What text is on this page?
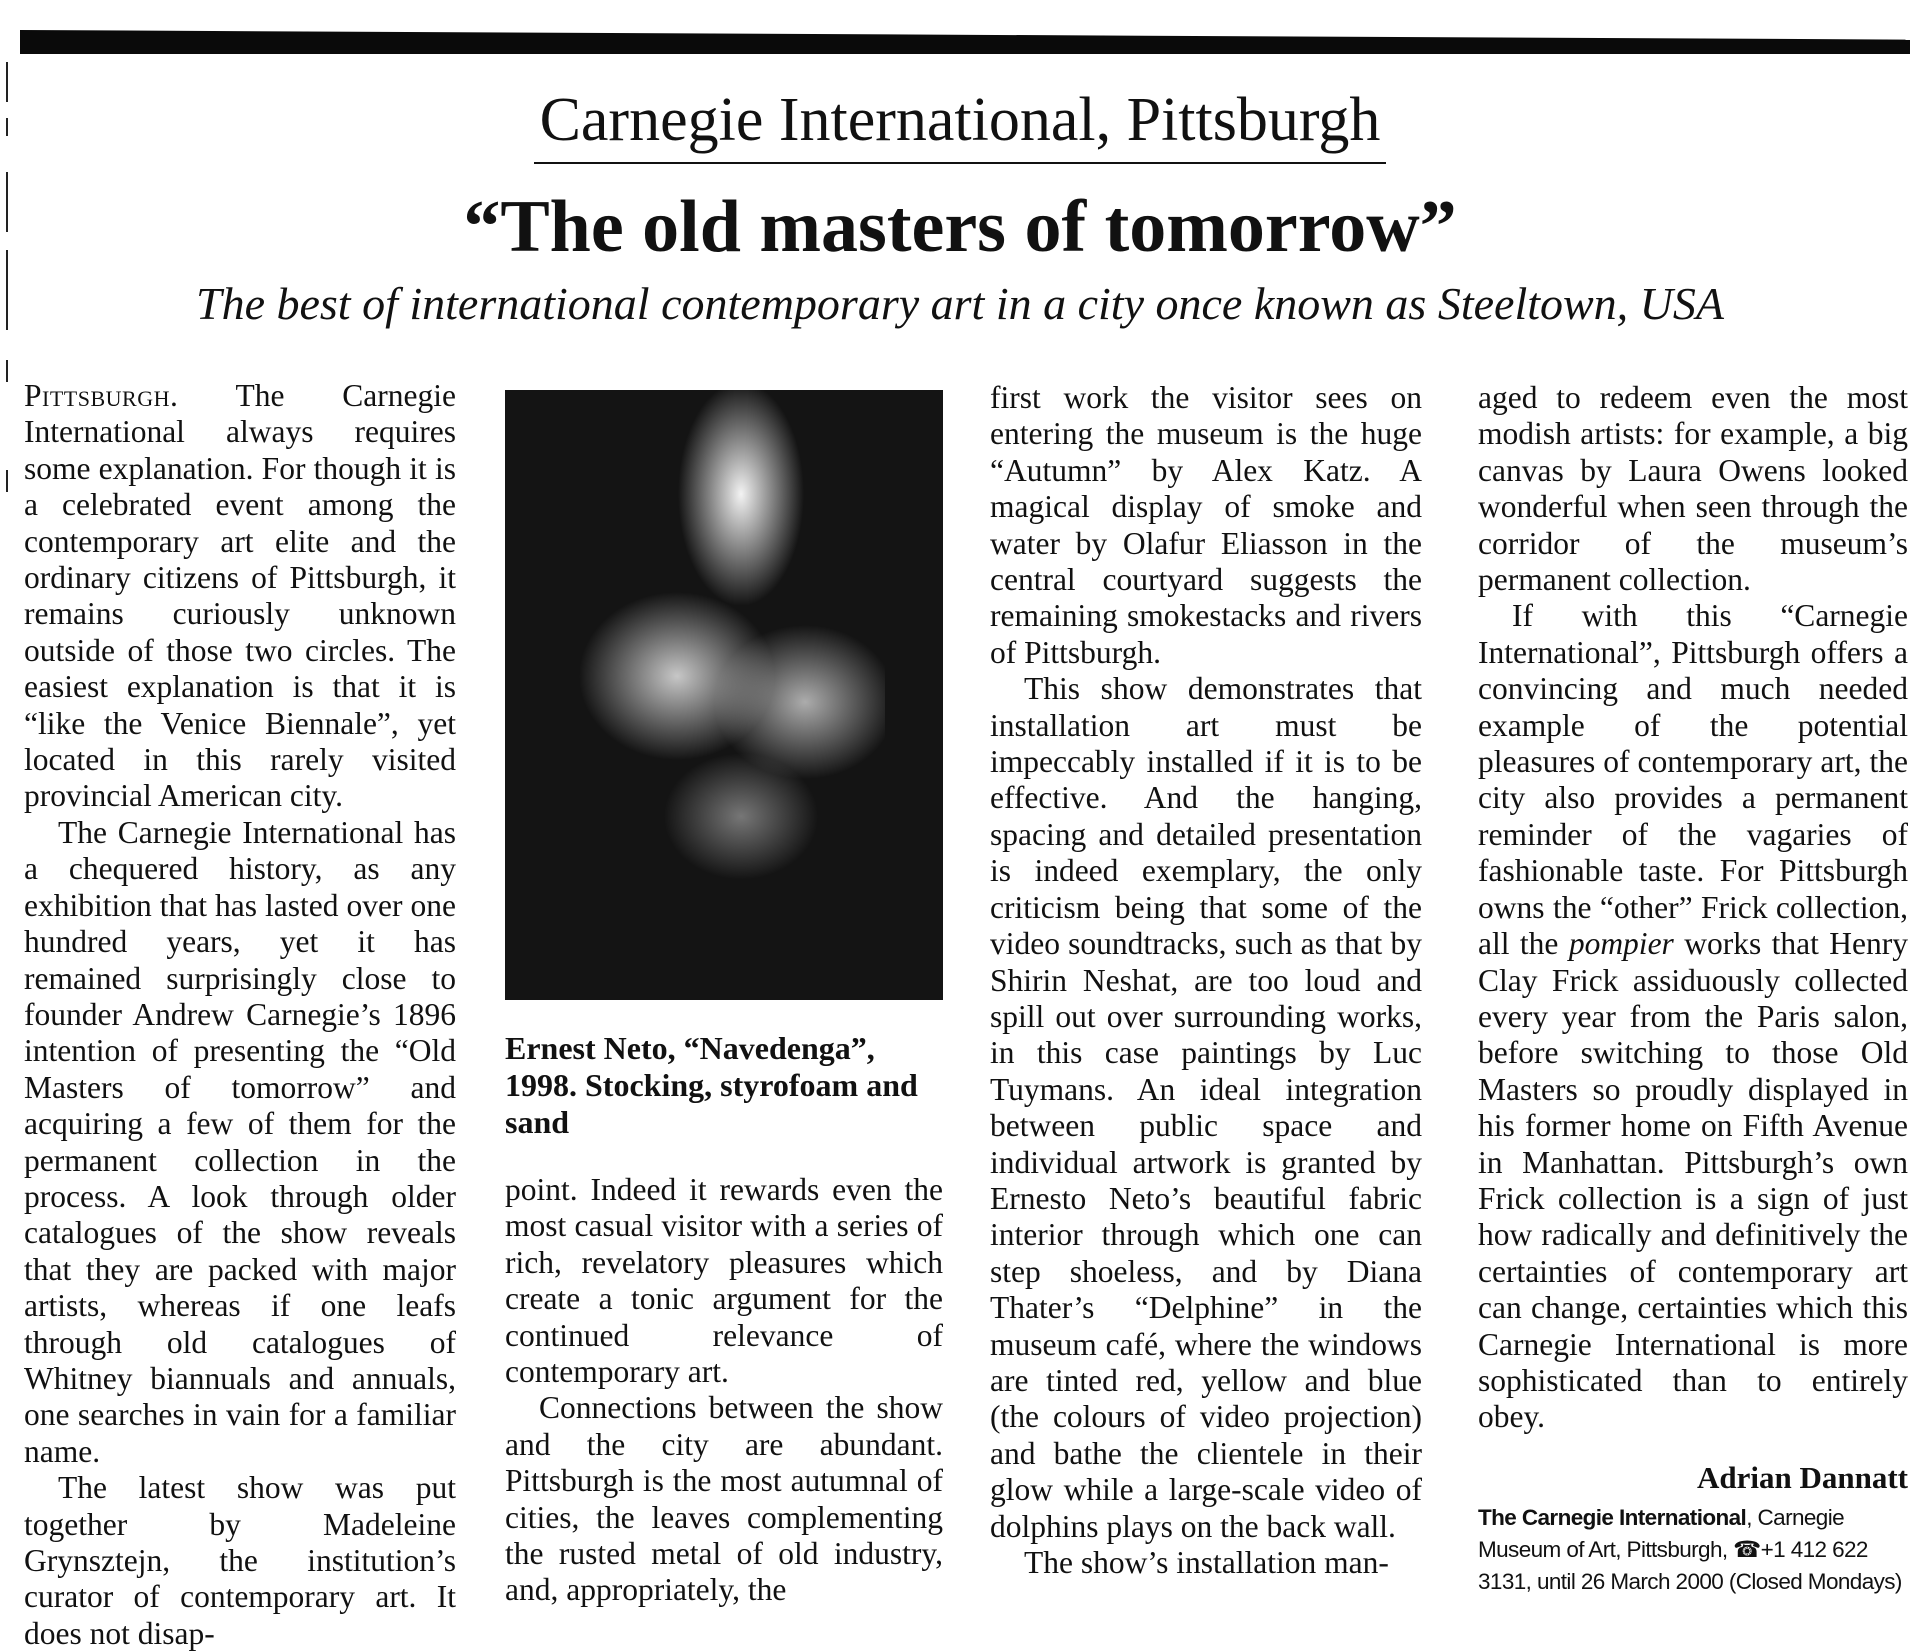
Carnegie International, Pittsburgh
“The old masters of tomorrow”
The best of international contemporary art in a city once known as Steeltown, USA

Pittsburgh. The Carnegie International always requires some explanation. For though it is a celebrated event among the contemporary art elite and the ordinary citizens of Pittsburgh, it remains curiously unknown outside of those two circles. The easiest explanation is that it is “like the Venice Biennale”, yet located in this rarely visited provincial American city.

The Carnegie International has a chequered history, as any exhibition that has lasted over one hundred years, yet it has remained surprisingly close to founder Andrew Carnegie’s 1896 intention of presenting the “Old Masters of tomorrow” and acquiring a few of them for the permanent collection in the process. A look through older catalogues of the show reveals that they are packed with major artists, whereas if one leafs through old catalogues of Whitney biannuals and annuals, one searches in vain for a familiar name.

The latest show was put together by Madeleine Grynsztejn, the institution’s curator of contemporary art. It does not disap-

Ernest Neto, “Navedenga”, 1998. Stocking, styrofoam and sand

point. Indeed it rewards even the most casual visitor with a series of rich, revelatory pleasures which create a tonic argument for the continued relevance of contemporary art.

Connections between the show and the city are abundant. Pittsburgh is the most autumnal of cities, the leaves complementing the rusted metal of old industry, and, appropriately, the

first work the visitor sees on entering the museum is the huge “Autumn” by Alex Katz. A magical display of smoke and water by Olafur Eliasson in the central courtyard suggests the remaining smokestacks and rivers of Pittsburgh.

This show demonstrates that installation art must be impeccably installed if it is to be effective. And the hanging, spacing and detailed presentation is indeed exemplary, the only criticism being that some of the video soundtracks, such as that by Shirin Neshat, are too loud and spill out over surrounding works, in this case paintings by Luc Tuymans. An ideal integration between public space and individual artwork is granted by Ernesto Neto’s beautiful fabric interior through which one can step shoeless, and by Diana Thater’s “Delphine” in the museum café, where the windows are tinted red, yellow and blue (the colours of video projection) and bathe the clientele in their glow while a large-scale video of dolphins plays on the back wall.

The show’s installation man-

aged to redeem even the most modish artists: for example, a big canvas by Laura Owens looked wonderful when seen through the corridor of the museum’s permanent collection.

If with this “Carnegie International”, Pittsburgh offers a convincing and much needed example of the potential pleasures of contemporary art, the city also provides a permanent reminder of the vagaries of fashionable taste. For Pittsburgh owns the “other” Frick collection, all the pompier works that Henry Clay Frick assiduously collected every year from the Paris salon, before switching to those Old Masters so proudly displayed in his former home on Fifth Avenue in Manhattan. Pittsburgh’s own Frick collection is a sign of just how radically and definitively the certainties of contemporary art can change, certainties which this Carnegie International is more sophisticated than to entirely obey.

Adrian Dannatt
The Carnegie International, Carnegie Museum of Art, Pittsburgh, ☎+1 412 622 3131, until 26 March 2000 (Closed Mondays)
